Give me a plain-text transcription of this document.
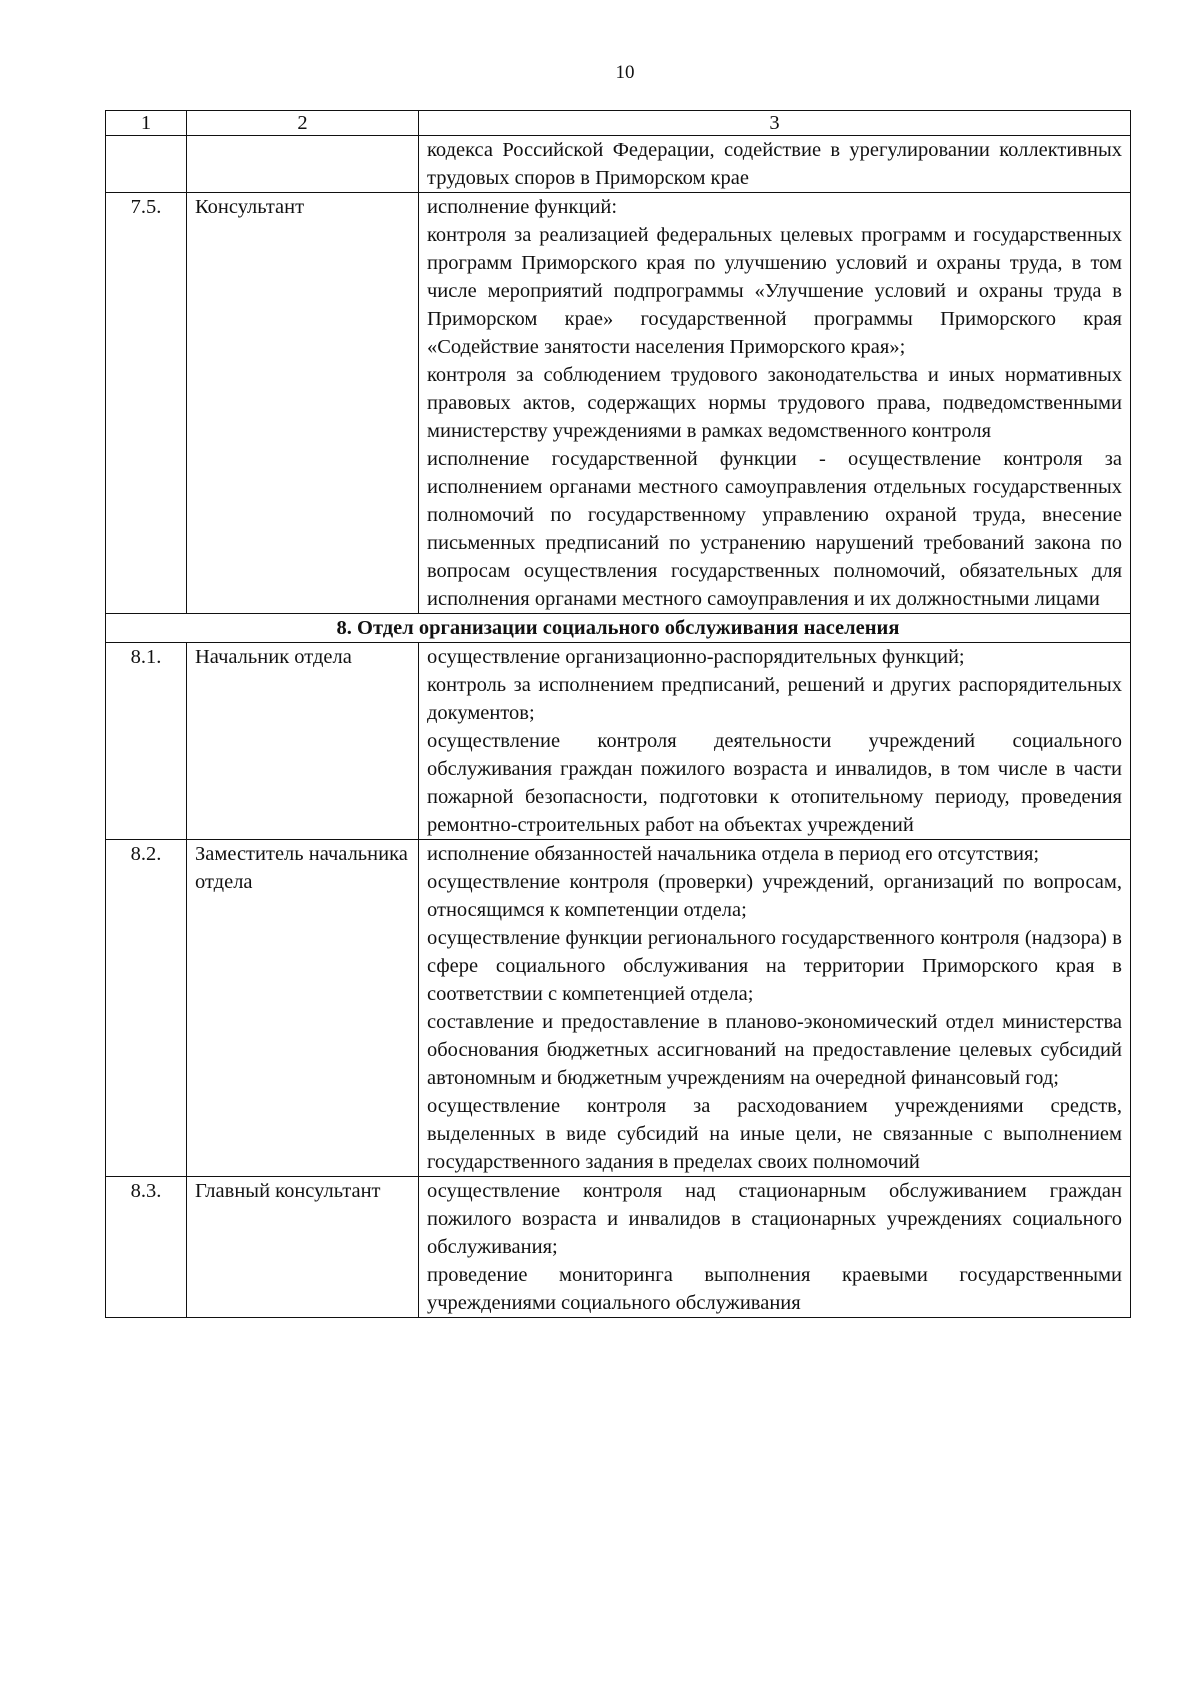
10
1	2	3

		кодекса Российской Федерации, содействие в урегулировании коллективных трудовых споров в Приморском крае

7.5.	Консультант	исполнение функций:
контроля за реализацией федеральных целевых программ и государственных программ Приморского края по улучшению условий и охраны труда, в том числе мероприятий подпрограммы «Улучшение условий и охраны труда в Приморском крае» государственной программы Приморского края «Содействие занятости населения Приморского края»;
контроля за соблюдением трудового законодательства и иных нормативных правовых актов, содержащих нормы трудового права, подведомственными министерству учреждениями в рамках ведомственного контроля
исполнение государственной функции - осуществление контроля за исполнением органами местного самоуправления отдельных государственных полномочий по государственному управлению охраной труда, внесение письменных предписаний по устранению нарушений требований закона по вопросам осуществления государственных полномочий, обязательных для исполнения органами местного самоуправления и их должностными лицами

8. Отдел организации социального обслуживания населения		
8.1.	Начальник отдела	осуществление организационно-распорядительных функций;
контроль за исполнением предписаний, решений и других распорядительных документов;
осуществление контроля деятельности учреждений социального обслуживания граждан пожилого возраста и инвалидов, в том числе в части пожарной безопасности, подготовки к отопительному периоду, проведения ремонтно-строительных работ на объектах учреждений

8.2.	Заместитель начальника отдела	исполнение обязанностей начальника отдела в период его отсутствия;
осуществление контроля (проверки) учреждений, организаций по вопросам, относящимся к компетенции отдела;
осуществление функции регионального государственного контроля (надзора) в сфере социального обслуживания на территории Приморского края в соответствии с компетенцией отдела;
составление и предоставление в планово-экономический отдел министерства обоснования бюджетных ассигнований на предоставление целевых субсидий автономным и бюджетным учреждениям на очередной финансовый год;
осуществление контроля за расходованием учреждениями средств, выделенных в виде субсидий на иные цели, не связанные с выполнением государственного задания в пределах своих полномочий

8.3.	Главный консультант	осуществление контроля над стационарным обслуживанием граждан пожилого возраста и инвалидов в стационарных учреждениях социального обслуживания;
проведение мониторинга выполнения краевыми государственными учреждениями социального обслуживания
